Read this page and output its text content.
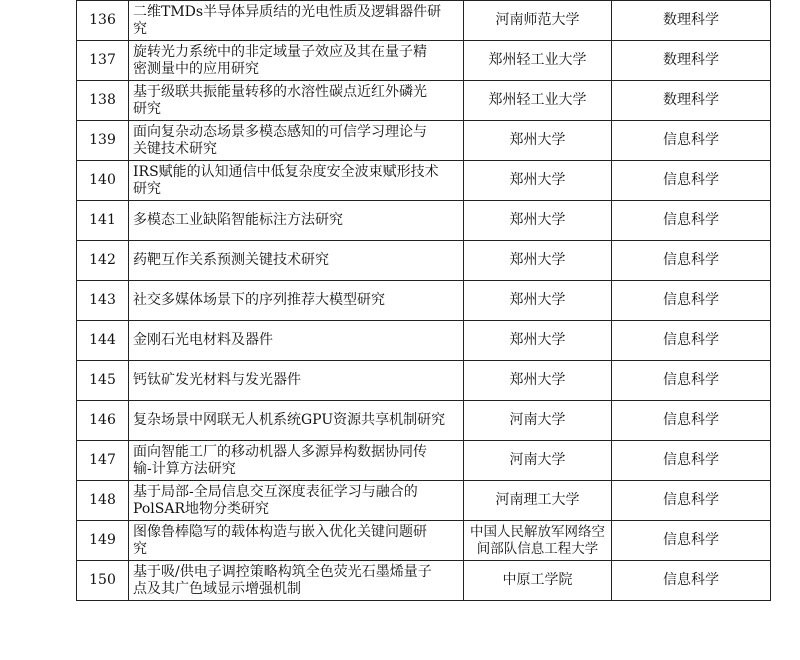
136	二维TMDs半导体异质结的光电性质及逻辑器件研
究	河南师范大学	数理科学
137	旋转光力系统中的非定域量子效应及其在量子精
密测量中的应用研究	郑州轻工业大学	数理科学
138	基于级联共振能量转移的水溶性碳点近红外磷光
研究	郑州轻工业大学	数理科学
139	面向复杂动态场景多模态感知的可信学习理论与
关键技术研究	郑州大学	信息科学
140	IRS赋能的认知通信中低复杂度安全波束赋形技术
研究	郑州大学	信息科学
141	多模态工业缺陷智能标注方法研究	郑州大学	信息科学
142	药靶互作关系预测关键技术研究	郑州大学	信息科学
143	社交多媒体场景下的序列推荐大模型研究	郑州大学	信息科学
144	金刚石光电材料及器件	郑州大学	信息科学
145	钙钛矿发光材料与发光器件	郑州大学	信息科学
146	复杂场景中网联无人机系统GPU资源共享机制研究	河南大学	信息科学
147	面向智能工厂的移动机器人多源异构数据协同传
输-计算方法研究	河南大学	信息科学
148	基于局部-全局信息交互深度表征学习与融合的
PolSAR地物分类研究	河南理工大学	信息科学
149	图像鲁棒隐写的载体构造与嵌入优化关键问题研
究	中国人民解放军网络空
间部队信息工程大学	信息科学
150	基于吸/供电子调控策略构筑全色荧光石墨烯量子
点及其广色域显示增强机制	中原工学院	信息科学
